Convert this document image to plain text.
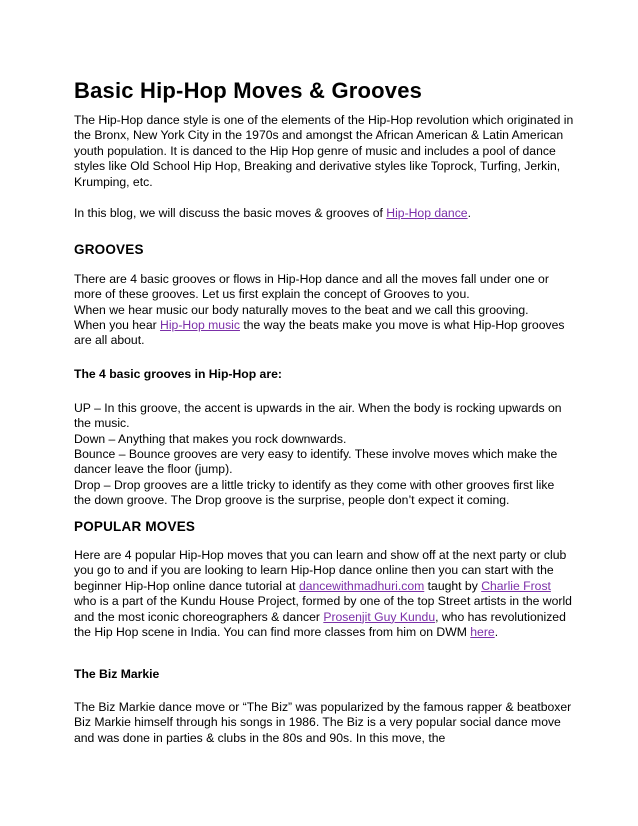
Basic Hip-Hop Moves & Grooves

The Hip-Hop dance style is one of the elements of the Hip-Hop revolution which originated in the Bronx, New York City in the 1970s and amongst the African American & Latin American youth population. It is danced to the Hip Hop genre of music and includes a pool of dance styles like Old School Hip Hop, Breaking and derivative styles like Toprock, Turfing, Jerkin, Krumping, etc.

In this blog, we will discuss the basic moves & grooves of Hip-Hop dance.

GROOVES

There are 4 basic grooves or flows in Hip-Hop dance and all the moves fall under one or more of these grooves. Let us first explain the concept of Grooves to you.

When we hear music our body naturally moves to the beat and we call this grooving.

When you hear Hip-Hop music the way the beats make you move is what Hip-Hop grooves are all about.

The 4 basic grooves in Hip-Hop are:

UP – In this groove, the accent is upwards in the air. When the body is rocking upwards on the music.

Down – Anything that makes you rock downwards.

Bounce – Bounce grooves are very easy to identify. These involve moves which make the dancer leave the floor (jump).

Drop – Drop grooves are a little tricky to identify as they come with other grooves first like the down groove. The Drop groove is the surprise, people don’t expect it coming.

POPULAR MOVES

Here are 4 popular Hip-Hop moves that you can learn and show off at the next party or club you go to and if you are looking to learn Hip-Hop dance online then you can start with the beginner Hip-Hop online dance tutorial at dancewithmadhuri.com taught by Charlie Frost who is a part of the Kundu House Project, formed by one of the top Street artists in the world and the most iconic choreographers & dancer Prosenjit Guy Kundu, who has revolutionized the Hip Hop scene in India. You can find more classes from him on DWM here.

The Biz Markie

The Biz Markie dance move or “The Biz” was popularized by the famous rapper & beatboxer Biz Markie himself through his songs in 1986. The Biz is a very popular social dance move and was done in parties & clubs in the 80s and 90s. In this move, the
